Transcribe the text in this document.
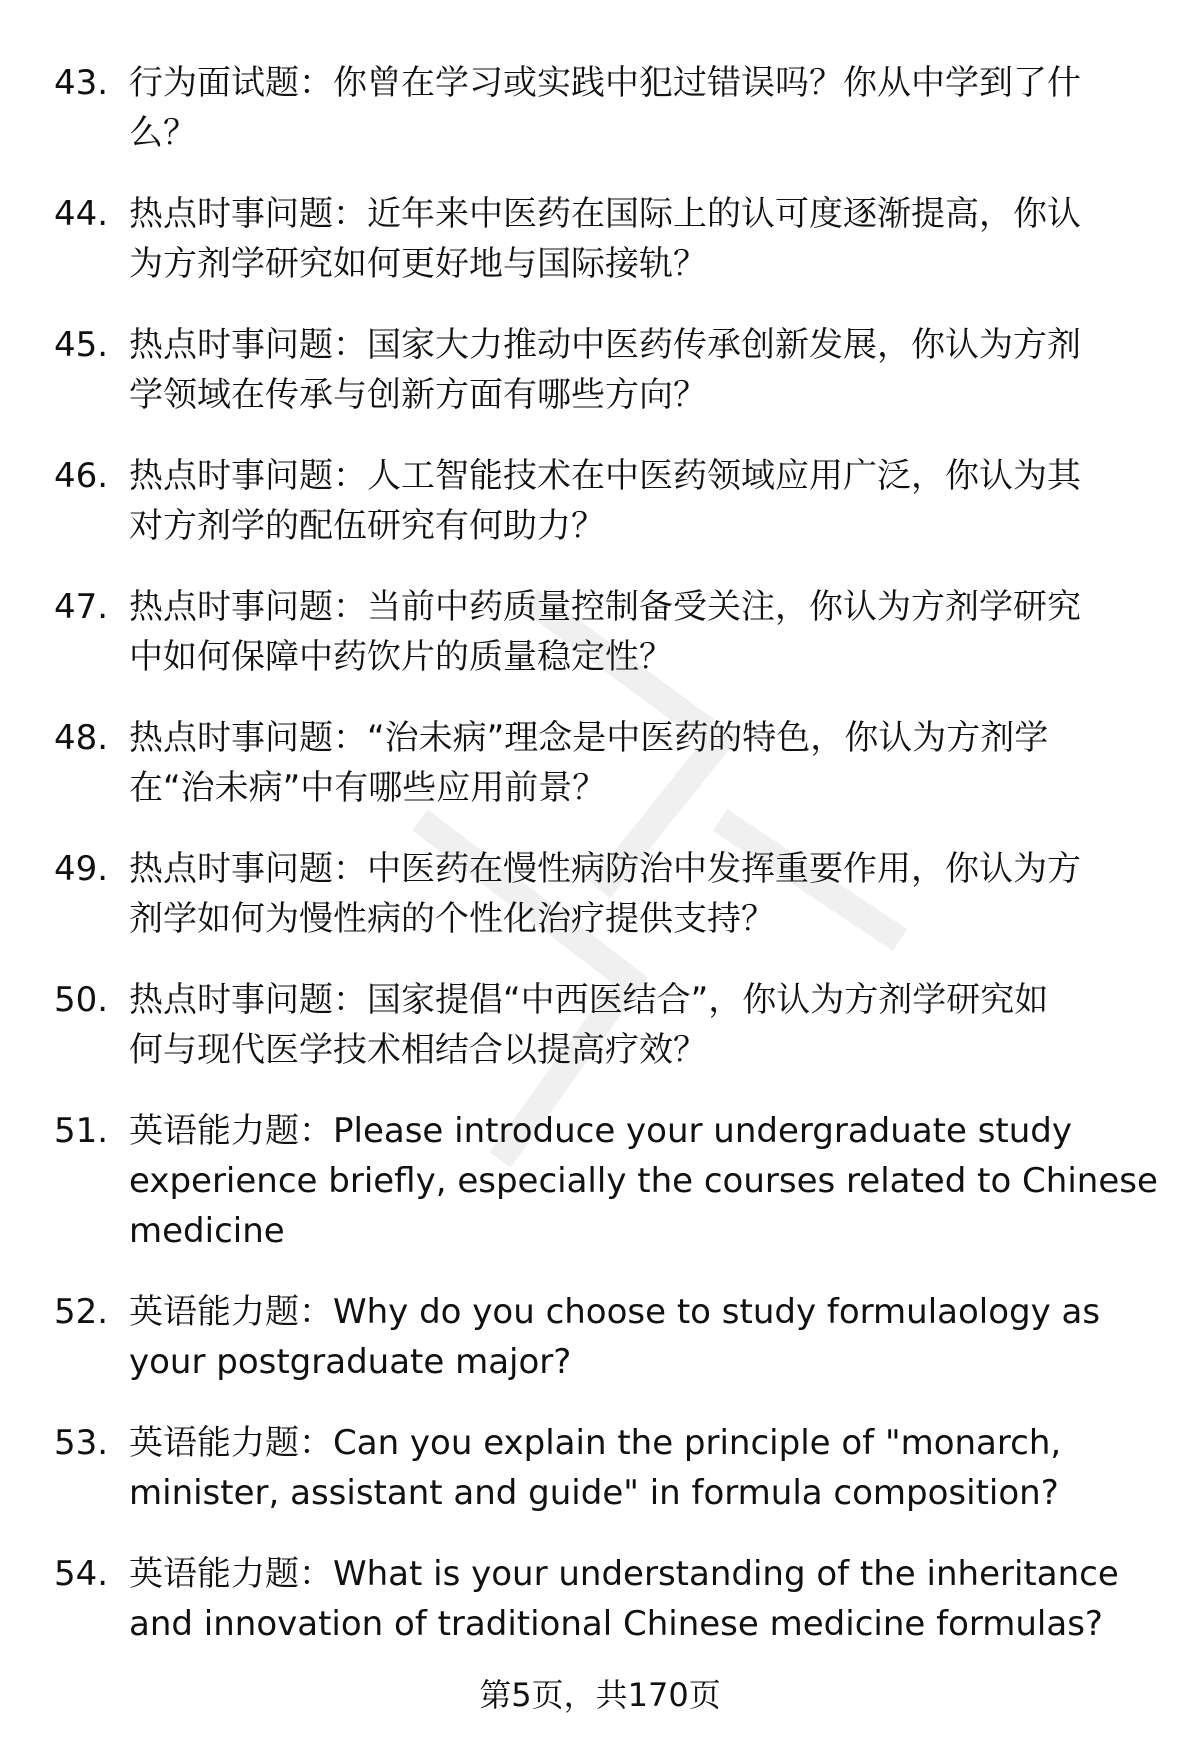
43. 行为面试题：你曾在学习或实践中犯过错误吗？你从中学到了什
么？
44. 热点时事问题：近年来中医药在国际上的认可度逐渐提高，你认
为方剂学研究如何更好地与国际接轨？
45. 热点时事问题：国家大力推动中医药传承创新发展，你认为方剂
学领域在传承与创新方面有哪些方向？
46. 热点时事问题：人工智能技术在中医药领域应用广泛，你认为其
对方剂学的配伍研究有何助力？
47. 热点时事问题：当前中药质量控制备受关注，你认为方剂学研究
中如何保障中药饮片的质量稳定性？
48. 热点时事问题：“治未病”理念是中医药的特色，你认为方剂学
在“治未病”中有哪些应用前景？
49. 热点时事问题：中医药在慢性病防治中发挥重要作用，你认为方
剂学如何为慢性病的个性化治疗提供支持？
50. 热点时事问题：国家提倡“中西医结合”，你认为方剂学研究如
何与现代医学技术相结合以提高疗效？
51. 英语能力题：Please introduce your undergraduate study
experience briefly, especially the courses related to Chinese
medicine
52. 英语能力题：Why do you choose to study formulaology as
your postgraduate major?
53. 英语能力题：Can you explain the principle of "monarch,
minister, assistant and guide" in formula composition?
54. 英语能力题：What is your understanding of the inheritance
and innovation of traditional Chinese medicine formulas?
第5页，共170页
